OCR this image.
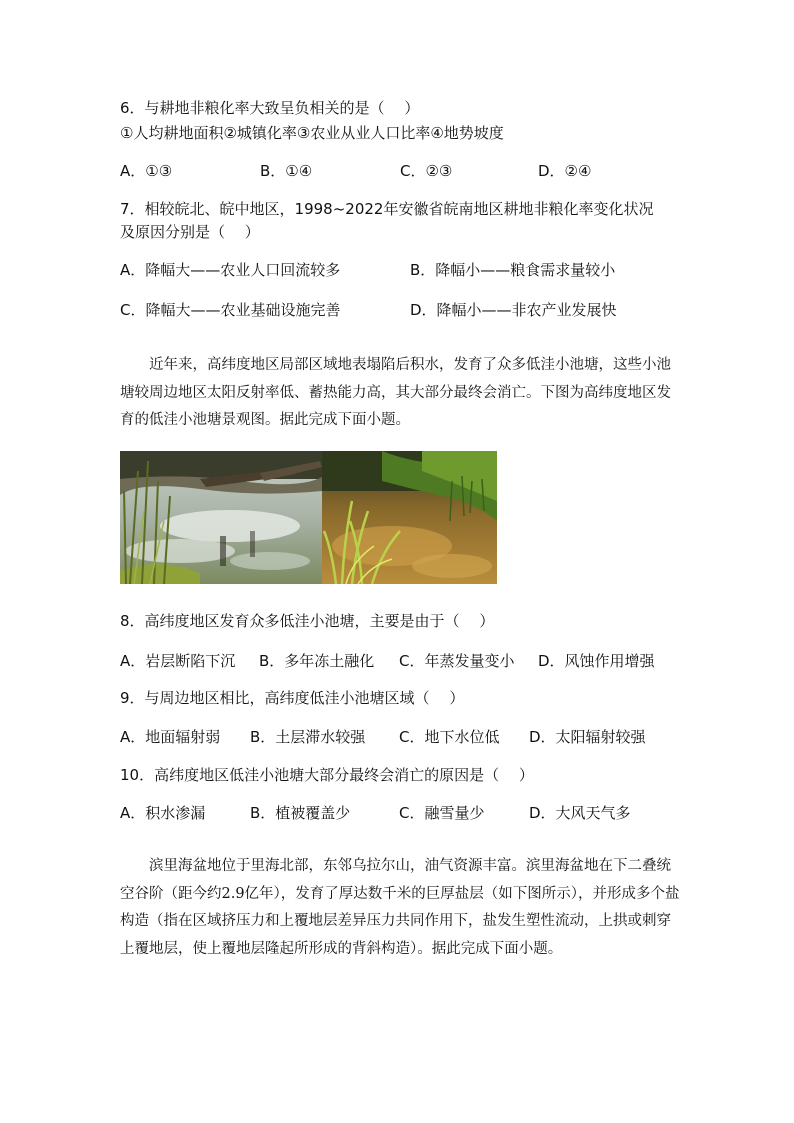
6．与耕地非粮化率大致呈负相关的是（　 ）
①人均耕地面积②城镇化率③农业从业人口比率④地势坡度
A．①③	B．①④	C．②③	D．②④
7．相较皖北、皖中地区，1998~2022年安徽省皖南地区耕地非粮化率变化状况
及原因分别是（　 ）
A．降幅大——农业人口回流较多	B．降幅小——粮食需求量较小
C．降幅大——农业基础设施完善	D．降幅小——非农产业发展快
近年来，高纬度地区局部区域地表塌陷后积水，发育了众多低洼小池塘，这些小池塘较周边地区太阳反射率低、蓄热能力高，其大部分最终会消亡。下图为高纬度地区发育的低洼小池塘景观图。据此完成下面小题。
8．高纬度地区发育众多低洼小池塘，主要是由于（　 ）
A．岩层断陷下沉 B．多年冻土融化 C．年蒸发量变小 D．风蚀作用增强
9．与周边地区相比，高纬度低洼小池塘区域（　 ）
A．地面辐射弱 B．土层滞水较强 C．地下水位低 D．太阳辐射较强
10．高纬度地区低洼小池塘大部分最终会消亡的原因是（　 ）
A．积水渗漏	B．植被覆盖少	C．融雪量少	D．大风天气多
滨里海盆地位于里海北部，东邻乌拉尔山，油气资源丰富。滨里海盆地在下二叠统空谷阶（距今约2.9亿年），发育了厚达数千米的巨厚盐层（如下图所示），并形成多个盐构造（指在区域挤压力和上覆地层差异压力共同作用下，盐发生塑性流动，上拱或刺穿上覆地层，使上覆地层隆起所形成的背斜构造）。据此完成下面小题。
